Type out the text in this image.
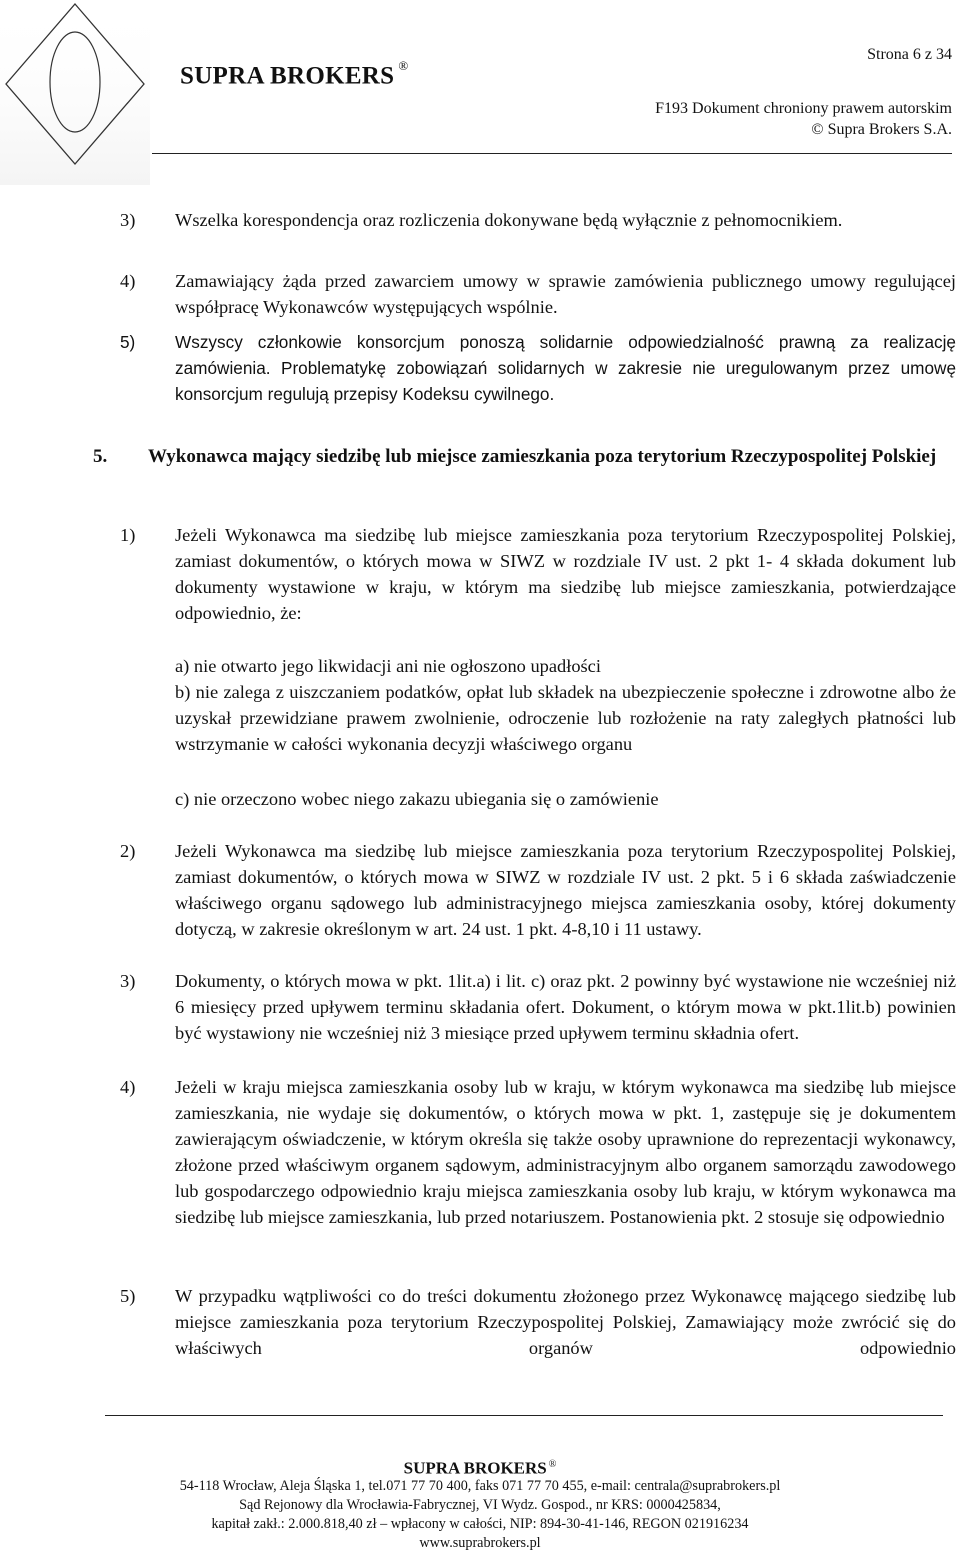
SUPRA BROKERS ®
Strona 6 z 34
F193 Dokument chroniony prawem autorskim
© Supra Brokers S.A.
3) Wszelka korespondencja oraz rozliczenia dokonywane będą wyłącznie z pełnomocnikiem.
4) Zamawiający żąda przed zawarciem umowy w sprawie zamówienia publicznego umowy regulującej współpracę Wykonawców występujących wspólnie.
5) Wszyscy członkowie konsorcjum ponoszą solidarnie odpowiedzialność prawną za realizację zamówienia. Problematykę zobowiązań solidarnych w zakresie nie uregulowanym przez umowę konsorcjum regulują przepisy Kodeksu cywilnego.
5. Wykonawca mający siedzibę lub miejsce zamieszkania poza terytorium Rzeczypospolitej Polskiej
1) Jeżeli Wykonawca ma siedzibę lub miejsce zamieszkania poza terytorium Rzeczypospolitej Polskiej, zamiast dokumentów, o których mowa w SIWZ w rozdziale IV ust. 2 pkt 1- 4 składa dokument lub dokumenty wystawione w kraju, w którym ma siedzibę lub miejsce zamieszkania, potwierdzające odpowiednio, że:
a) nie otwarto jego likwidacji ani nie ogłoszono upadłości
b) nie zalega z uiszczaniem podatków, opłat lub składek na ubezpieczenie społeczne i zdrowotne albo że uzyskał przewidziane prawem zwolnienie, odroczenie lub rozłożenie na raty zaległych płatności lub wstrzymanie w całości wykonania decyzji właściwego organu
c) nie orzeczono wobec niego zakazu ubiegania się o zamówienie
2) Jeżeli Wykonawca ma siedzibę lub miejsce zamieszkania poza terytorium Rzeczypospolitej Polskiej, zamiast dokumentów, o których mowa w SIWZ w rozdziale IV ust. 2 pkt. 5 i 6 składa zaświadczenie właściwego organu sądowego lub administracyjnego miejsca zamieszkania osoby, której dokumenty dotyczą, w zakresie określonym w art. 24 ust. 1 pkt. 4-8,10 i 11 ustawy.
3) Dokumenty, o których mowa w pkt. 1lit.a) i lit. c) oraz pkt. 2 powinny być wystawione nie wcześniej niż 6 miesięcy przed upływem terminu składania ofert. Dokument, o którym mowa w pkt.1lit.b) powinien być wystawiony nie wcześniej niż 3 miesiące przed upływem terminu składnia ofert.
4) Jeżeli w kraju miejsca zamieszkania osoby lub w kraju, w którym wykonawca ma siedzibę lub miejsce zamieszkania, nie wydaje się dokumentów, o których mowa w pkt. 1, zastępuje się je dokumentem zawierającym oświadczenie, w którym określa się także osoby uprawnione do reprezentacji wykonawcy, złożone przed właściwym organem sądowym, administracyjnym albo organem samorządu zawodowego lub gospodarczego odpowiednio kraju miejsca zamieszkania osoby lub kraju, w którym wykonawca ma siedzibę lub miejsce zamieszkania, lub przed notariuszem. Postanowienia pkt. 2 stosuje się odpowiednio
5) W przypadku wątpliwości co do treści dokumentu złożonego przez Wykonawcę mającego siedzibę lub miejsce zamieszkania poza terytorium Rzeczypospolitej Polskiej, Zamawiający może zwrócić się do właściwych organów odpowiednio
SUPRA BROKERS ®
54-118 Wrocław, Aleja Śląska 1, tel.071 77 70 400, faks 071 77 70 455, e-mail: centrala@suprabrokers.pl
Sąd Rejonowy dla Wrocławia-Fabrycznej, VI Wydz. Gospod., nr KRS: 0000425834,
kapitał zakł.: 2.000.818,40 zł – wpłacony w całości, NIP: 894-30-41-146, REGON 021916234
www.suprabrokers.pl
